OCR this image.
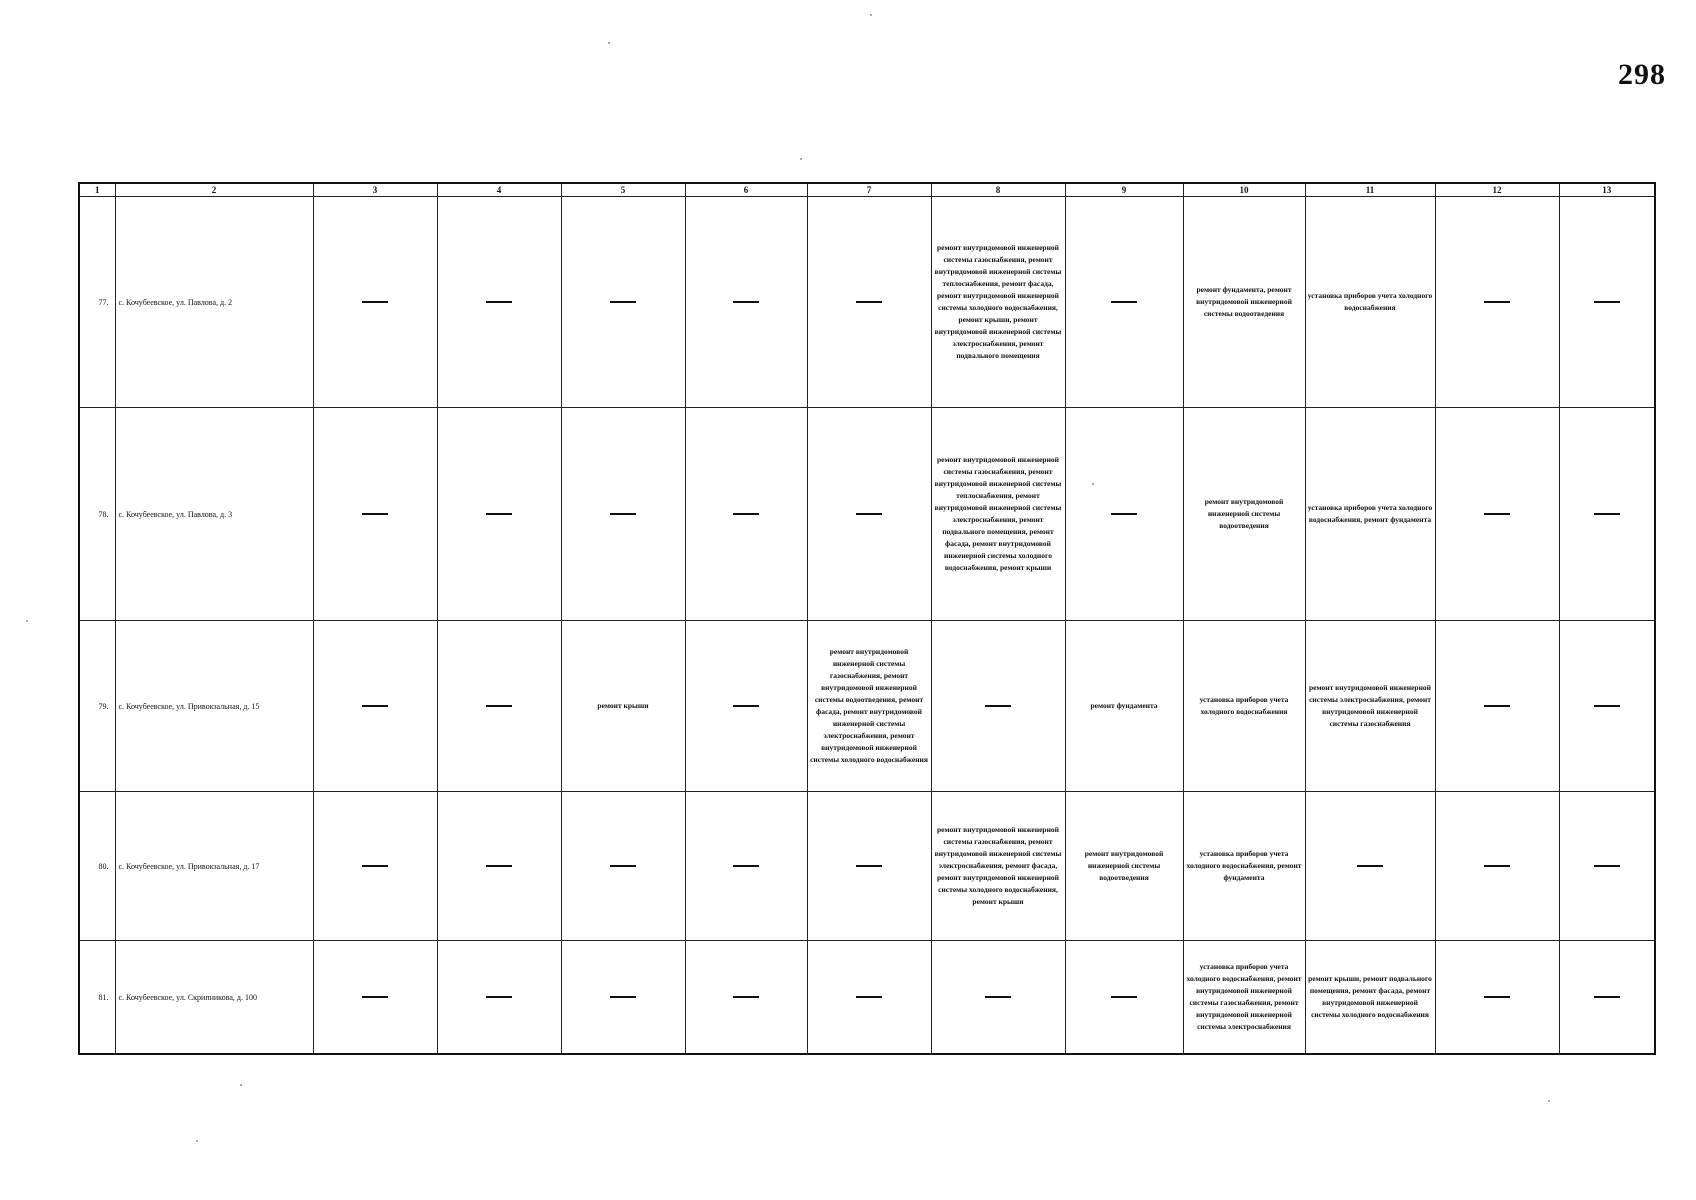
298
1	2	3	4	5	6	7	8	9	10	11	12	13
77.	с. Кочубеевское, ул. Павлова, д. 2						ремонт внутридомовой инженерной системы газоснабжения, ремонт внутридомовой инженерной системы теплоснабжения, ремонт фасада, ремонт внутридомовой инженерной системы холодного водоснабжения, ремонт крыши, ремонт внутридомовой инженерной системы электроснабжения, ремонт подвального помещения		ремонт фундамента, ремонт внутридомовой инженерной системы водоотведения	установка приборов учета холодного водоснабжения		
78.	с. Кочубеевское, ул. Павлова, д. 3						ремонт внутридомовой инженерной системы газоснабжения, ремонт внутридомовой инженерной системы теплоснабжения, ремонт внутридомовой инженерной системы электроснабжения, ремонт подвального помещения, ремонт фасада, ремонт внутридомовой инженерной системы холодного водоснабжения, ремонт крыши		ремонт внутридомовой инженерной системы водоотведения	установка приборов учета холодного водоснабжения, ремонт фундамента		
79.	с. Кочубеевское, ул. Привокзальная, д. 15			ремонт крыши		ремонт внутридомовой инженерной системы газоснабжения, ремонт внутридомовой инженерной системы водоотведения, ремонт фасада, ремонт внутридомовой инженерной системы электроснабжения, ремонт внутридомовой инженерной системы холодного водоснабжения		ремонт фундамента	установка приборов учета холодного водоснабжения	ремонт внутридомовой инженерной системы электроснабжения, ремонт внутридомовой инженерной системы газоснабжения		
80.	с. Кочубеевское, ул. Привокзальная, д. 17						ремонт внутридомовой инженерной системы газоснабжения, ремонт внутридомовой инженерной системы электроснабжения, ремонт фасада, ремонт внутридомовой инженерной системы холодного водоснабжения, ремонт крыши	ремонт внутридомовой инженерной системы водоотведения	установка приборов учета холодного водоснабжения, ремонт фундамента			
81.	с. Кочубеевское, ул. Скрипникова, д. 100								установка приборов учета холодного водоснабжения, ремонт внутридомовой инженерной системы газоснабжения, ремонт внутридомовой инженерной системы электроснабжения	ремонт крыши, ремонт подвального помещения, ремонт фасада, ремонт внутридомовой инженерной системы холодного водоснабжения		
